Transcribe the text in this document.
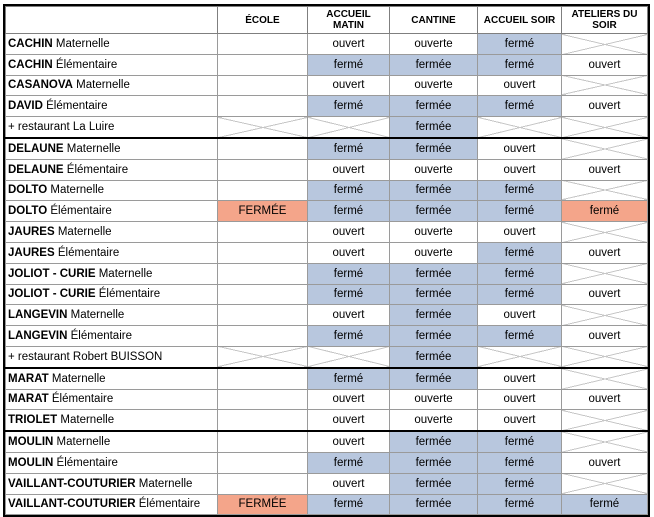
	ÉCOLE	ACCUEIL MATIN	CANTINE	ACCUEIL SOIR	ATELIERS DU SOIR
CACHIN Maternelle		ouvert	ouverte	fermé	
CACHIN Élémentaire		fermé	fermée	fermé	ouvert
CASANOVA Maternelle		ouvert	ouverte	ouvert	
DAVID Élémentaire		fermé	fermée	fermé	ouvert
+ restaurant La Luire			fermée		
DELAUNE Maternelle		fermé	fermée	ouvert	
DELAUNE Élémentaire		ouvert	ouverte	ouvert	ouvert
DOLTO Maternelle		fermé	fermée	fermé	
DOLTO Élémentaire	FERMÉE	fermé	fermée	fermé	fermé
JAURES Maternelle		ouvert	ouverte	ouvert	
JAURES Élémentaire		ouvert	ouverte	fermé	ouvert
JOLIOT - CURIE Maternelle		fermé	fermée	fermé	
JOLIOT - CURIE Élémentaire		fermé	fermée	fermé	ouvert
LANGEVIN Maternelle		ouvert	fermée	ouvert	
LANGEVIN Élémentaire		fermé	fermée	fermé	ouvert
+ restaurant Robert BUISSON			fermée		
MARAT Maternelle		fermé	fermée	ouvert	
MARAT Élémentaire		ouvert	ouverte	ouvert	ouvert
TRIOLET Maternelle		ouvert	ouverte	ouvert	
MOULIN Maternelle		ouvert	fermée	fermé	
MOULIN Élémentaire		fermé	fermée	fermé	ouvert
VAILLANT-COUTURIER Maternelle		ouvert	fermée	fermé	
VAILLANT-COUTURIER Élémentaire	FERMÉE	fermé	fermée	fermé	fermé
